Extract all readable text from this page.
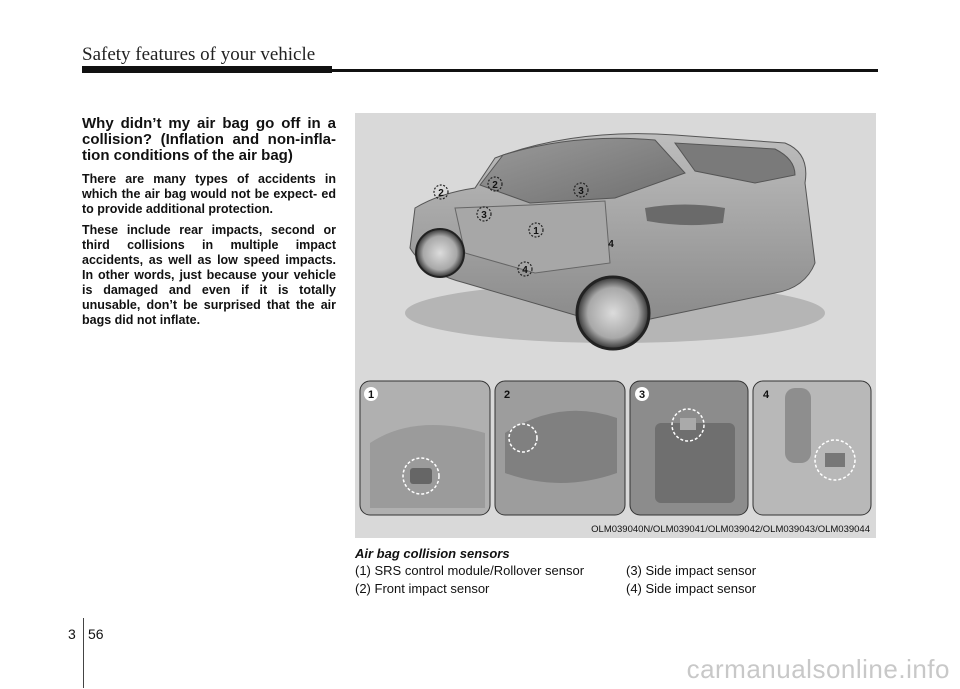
Safety features of your vehicle

Why didn’t my air bag go off in a collision? (Inflation and non-infla- tion conditions of the air bag)

There are many types of accidents in which the air bag would not be expect- ed to provide additional protection.

These include rear impacts, second or third collisions in multiple impact accidents, as well as low speed impacts. In other words, just because your vehicle is damaged and even if it is totally unusable, don’t be surprised that the air bags did not inflate.

2
2
3
3
1
4
4
1	2	3	4
OLM039040N/OLM039041/OLM039042/OLM039043/OLM039044
Air bag collision sensors
(1) SRS control module/Rollover sensor
(2) Front impact sensor
(3) Side impact sensor
(4) Side impact sensor
3 56
carmanualsonline.info
